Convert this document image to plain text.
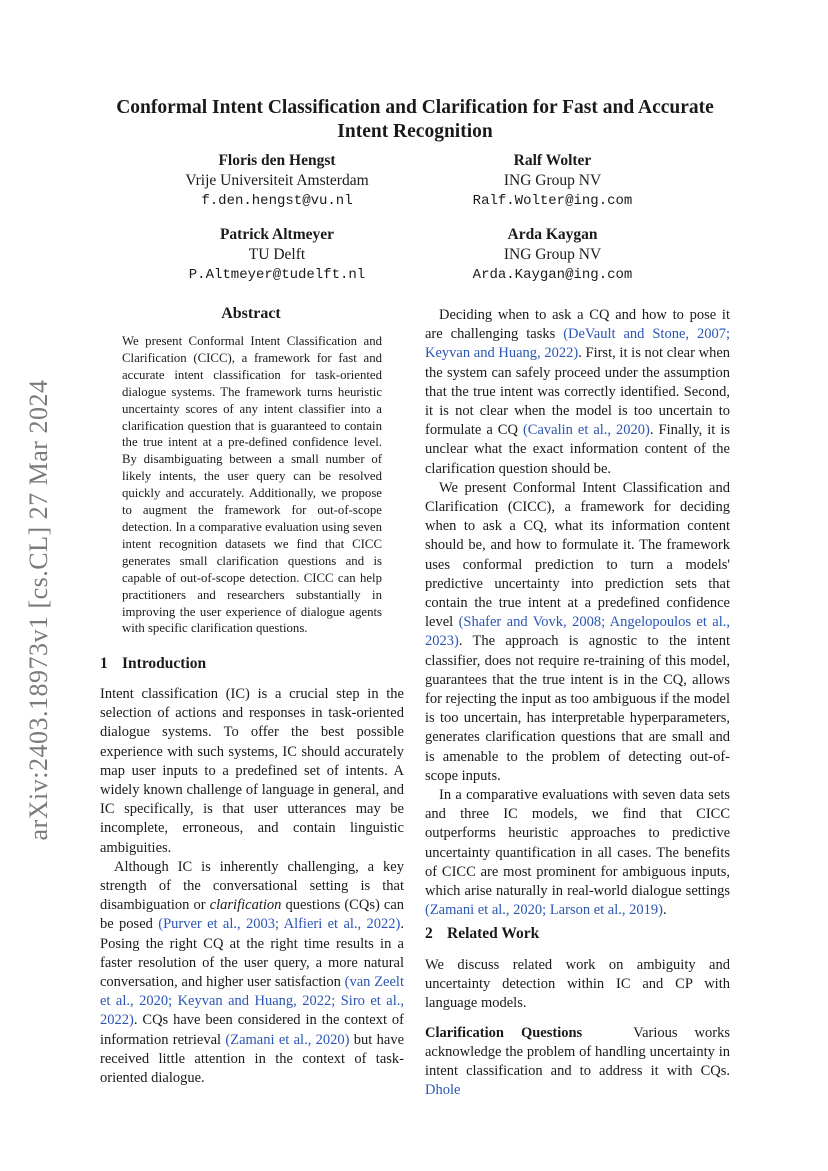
arXiv:2403.18973v1 [cs.CL] 27 Mar 2024
Conformal Intent Classification and Clarification for Fast and Accurate Intent Recognition
Floris den Hengst
Vrije Universiteit Amsterdam
f.den.hengst@vu.nl
Ralf Wolter
ING Group NV
Ralf.Wolter@ing.com
Patrick Altmeyer
TU Delft
P.Altmeyer@tudelft.nl
Arda Kaygan
ING Group NV
Arda.Kaygan@ing.com
Abstract

We present Conformal Intent Classification and Clarification (CICC), a framework for fast and accurate intent classification for task-oriented dialogue systems. The framework turns heuristic uncertainty scores of any intent classifier into a clarification question that is guaranteed to contain the true intent at a pre-defined confidence level. By disambiguating between a small number of likely intents, the user query can be resolved quickly and accurately. Additionally, we propose to augment the framework for out-of-scope detection. In a comparative evaluation using seven intent recognition datasets we find that CICC generates small clarification questions and is capable of out-of-scope detection. CICC can help practitioners and researchers substantially in improving the user experience of dialogue agents with specific clarification questions.

1 Introduction

Intent classification (IC) is a crucial step in the selection of actions and responses in task-oriented dialogue systems. To offer the best possible experience with such systems, IC should accurately map user inputs to a predefined set of intents. A widely known challenge of language in general, and IC specifically, is that user utterances may be incomplete, erroneous, and contain linguistic ambiguities.

Although IC is inherently challenging, a key strength of the conversational setting is that disambiguation or clarification questions (CQs) can be posed (Purver et al., 2003; Alfieri et al., 2022). Posing the right CQ at the right time results in a faster resolution of the user query, a more natural conversation, and higher user satisfaction (van Zeelt et al., 2020; Keyvan and Huang, 2022; Siro et al., 2022). CQs have been considered in the context of information retrieval (Zamani et al., 2020) but have received little attention in the context of task-oriented dialogue.

Deciding when to ask a CQ and how to pose it are challenging tasks (DeVault and Stone, 2007; Keyvan and Huang, 2022). First, it is not clear when the system can safely proceed under the assumption that the true intent was correctly identified. Second, it is not clear when the model is too uncertain to formulate a CQ (Cavalin et al., 2020). Finally, it is unclear what the exact information content of the clarification question should be.

We present Conformal Intent Classification and Clarification (CICC), a framework for deciding when to ask a CQ, what its information content should be, and how to formulate it. The framework uses conformal prediction to turn a models' predictive uncertainty into prediction sets that contain the true intent at a predefined confidence level (Shafer and Vovk, 2008; Angelopoulos et al., 2023). The approach is agnostic to the intent classifier, does not require re-training of this model, guarantees that the true intent is in the CQ, allows for rejecting the input as too ambiguous if the model is too uncertain, has interpretable hyperparameters, generates clarification questions that are small and is amenable to the problem of detecting out-of-scope inputs.

In a comparative evaluations with seven data sets and three IC models, we find that CICC outperforms heuristic approaches to predictive uncertainty quantification in all cases. The benefits of CICC are most prominent for ambiguous inputs, which arise naturally in real-world dialogue settings (Zamani et al., 2020; Larson et al., 2019).

2 Related Work

We discuss related work on ambiguity and uncertainty detection within IC and CP with language models.

Clarification Questions	Various works acknowledge the problem of handling uncertainty in intent classification and to address it with CQs. Dhole
